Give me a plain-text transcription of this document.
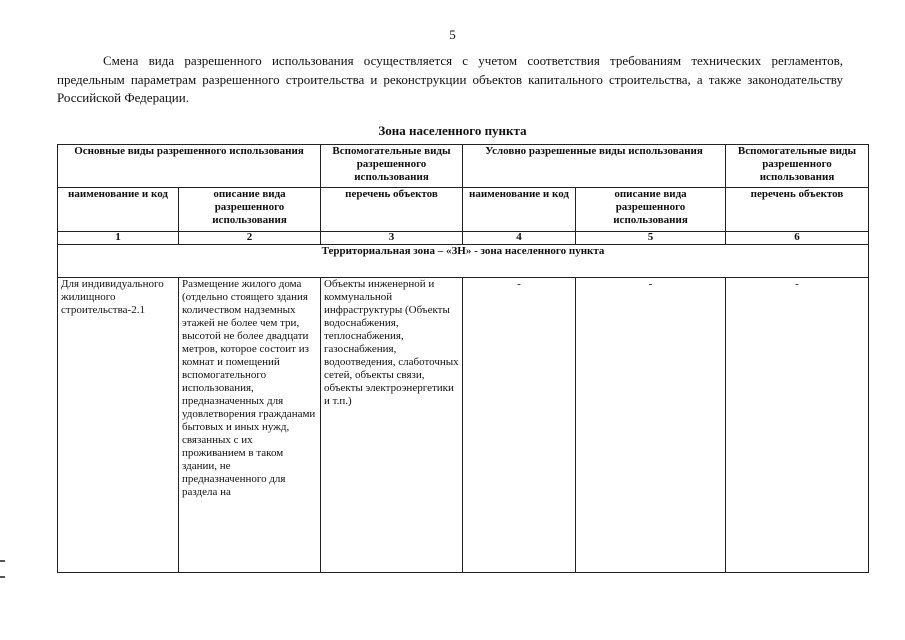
5

Смена вида разрешенного использования осуществляется с учетом соответствия требованиям технических регламентов, предельным параметрам разрешенного строительства и реконструкции объектов капитального строительства, а также законодательству Российской Федерации.

Зона населенного пункта
Основные виды разрешенного использования		Вспомогательные виды разрешенного использования	Условно разрешенные виды использования		Вспомогательные виды разрешенного использования
наименование и код	описание вида разрешенного использования	перечень объектов	наименование и код	описание вида разрешенного использования	перечень объектов
1	2	3	4	5	6
Территориальная зона – «ЗН» - зона населенного пункта					
Для индивидуального жилищного строительства-2.1	Размещение жилого дома (отдельно стоящего здания количеством надземных этажей не более чем три, высотой не более двадцати метров, которое состоит из комнат и помещений вспомогательного использования, предназначенных для удовлетворения гражданами бытовых и иных нужд, связанных с их проживанием в таком здании, не предназначенного для раздела на	Объекты инженерной и коммунальной инфраструктуры (Объекты водоснабжения, теплоснабжения, газоснабжения, водоотведения, слаботочных сетей, объекты связи, объекты электроэнергетики и т.п.)	-	-	-
